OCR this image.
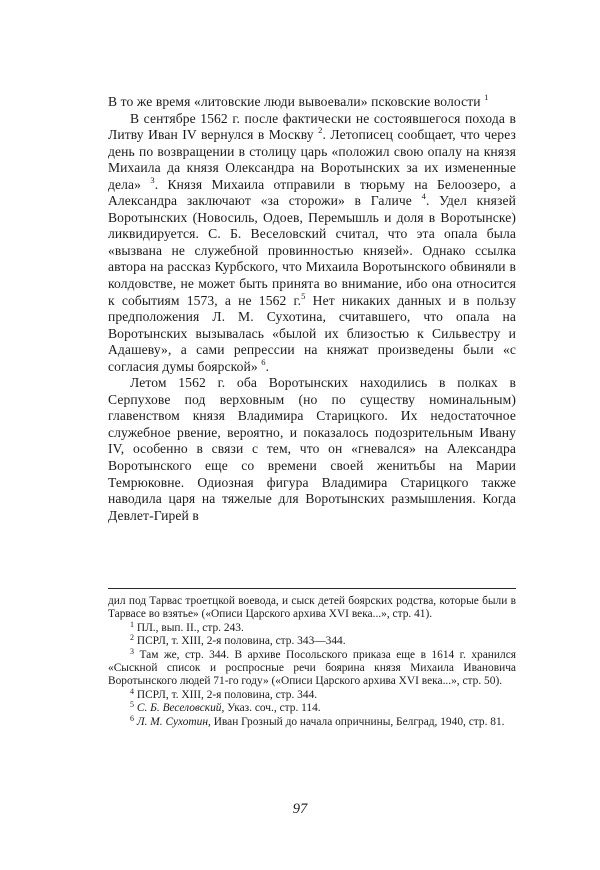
В то же время «литовские люди вывоевали» псковские волости $^1$

В сентябре 1562 г. после фактически не состоявшегося похода в Литву Иван IV вернулся в Москву $^2$. Летописец сообщает, что через день по возвращении в столицу царь «положил свою опалу на князя Михаила да князя Олександра на Воротынских за их измененные дела» $^3$. Князя Михаила отправили в тюрьму на Белоозеро, а Александра заключают «за сторожи» в Галиче $^4$. Удел князей Воротынских (Новосиль, Одоев, Перемышль и доля в Воротынске) ликвидируется. С. Б. Веселовский считал, что эта опала была «вызвана не служебной провинностью князей». Однако ссылка автора на рассказ Курбского, что Михаила Воротынского обвиняли в колдовстве, не может быть принята во внимание, ибо она относится к событиям 1573, а не 1562 г.$^5$ Нет никаких данных и в пользу предположения Л. М. Сухотина, считавшего, что опала на Воротынских вызывалась «былой их близостью к Сильвестру и Адашеву», а сами репрессии на княжат произведены были «с согласия думы боярской» $^6$.

Летом 1562 г. оба Воротынских находились в полках в Серпухове под верховным (но по существу номинальным) главенством князя Владимира Старицкого. Их недостаточное служебное рвение, вероятно, и показалось подозрительным Ивану IV, особенно в связи с тем, что он «гневался» на Александра Воротынского еще со времени своей женитьбы на Марии Темрюковне. Одиозная фигура Владимира Старицкого также наводила царя на тяжелые для Воротынских размышления. Когда Девлет-Гирей в

дил под Тарвас троетцкой воевода, и сыск детей боярских родства, которые были в Тарвасе во взятье» («Описи Царского архива XVI века...», стр. 41).

$^1$ ПЛ., вып. II., стр. 243.

$^2$ ПСРЛ, т. XIII, 2-я половина, стр. 343—344.

$^3$ Там же, стр. 344. В архиве Посольского приказа еще в 1614 г. хранился «Сыскной список и роспросные речи боярина князя Михаила Ивановича Воротынского людей 71-го году» («Описи Царского архива XVI века...», стр. 50).

$^4$ ПСРЛ, т. XIII, 2-я половина, стр. 344.

$^5$ С. Б. Веселовский, Указ. соч., стр. 114.

$^6$ Л. М. Сухотин, Иван Грозный до начала опричнины, Белград, 1940, стр. 81.

97
